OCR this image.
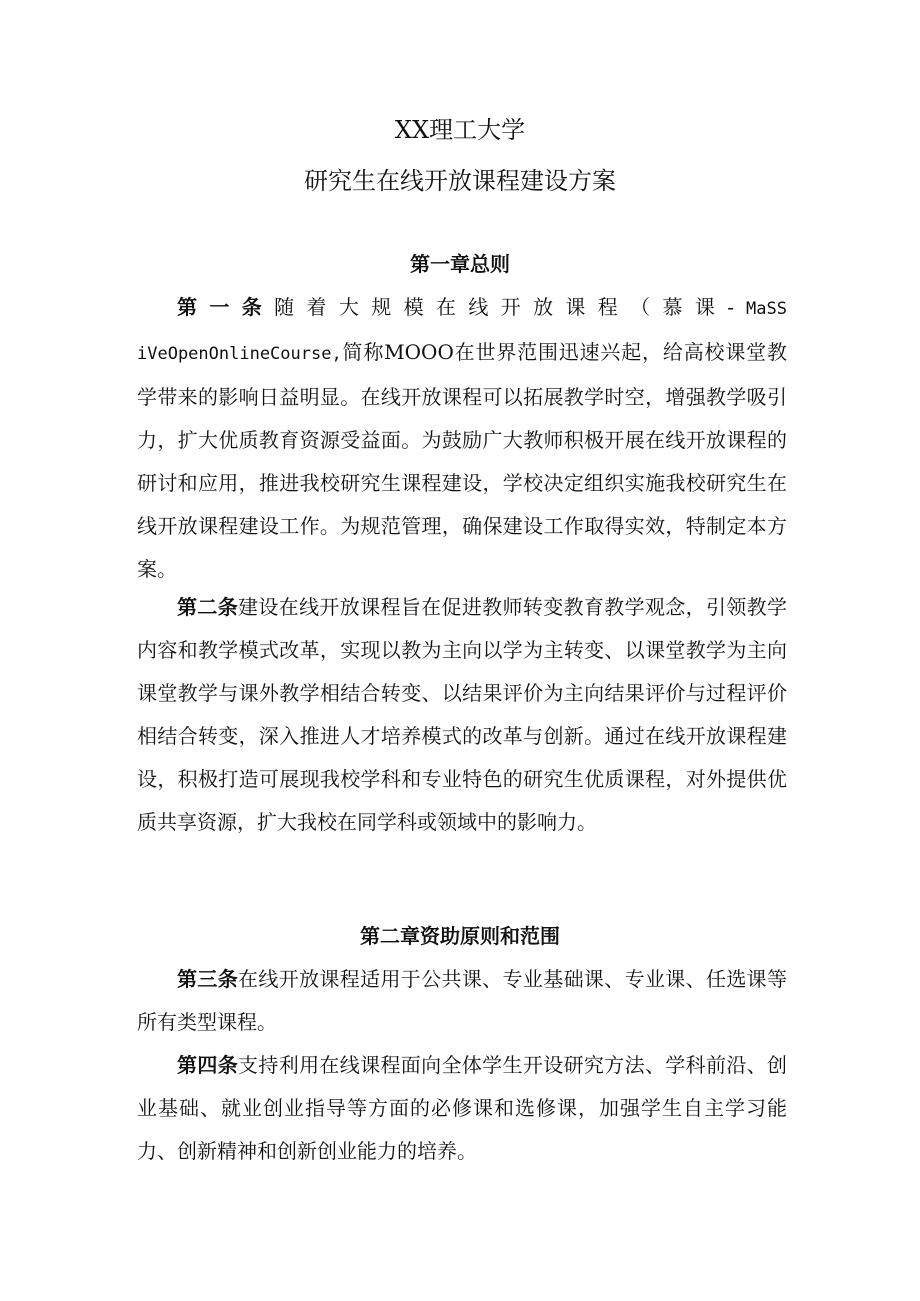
XX理工大学
研究生在线开放课程建设方案
第一章总则

第一条随着大规模在线开放课程（慕课-MaSSiVeOpenOnlineCourse,简称MOOO在世界范围迅速兴起，给高校课堂教学带来的影响日益明显。在线开放课程可以拓展教学时空，增强教学吸引力，扩大优质教育资源受益面。为鼓励广大教师积极开展在线开放课程的研讨和应用，推进我校研究生课程建设，学校决定组织实施我校研究生在线开放课程建设工作。为规范管理，确保建设工作取得实效，特制定本方案。

第二条建设在线开放课程旨在促进教师转变教育教学观念，引领教学内容和教学模式改革，实现以教为主向以学为主转变、以课堂教学为主向课堂教学与课外教学相结合转变、以结果评价为主向结果评价与过程评价相结合转变，深入推进人才培养模式的改革与创新。通过在线开放课程建设，积极打造可展现我校学科和专业特色的研究生优质课程，对外提供优质共享资源，扩大我校在同学科或领域中的影响力。

第二章资助原则和范围

第三条在线开放课程适用于公共课、专业基础课、专业课、任选课等所有类型课程。

第四条支持利用在线课程面向全体学生开设研究方法、学科前沿、创业基础、就业创业指导等方面的必修课和选修课，加强学生自主学习能力、创新精神和创新创业能力的培养。
